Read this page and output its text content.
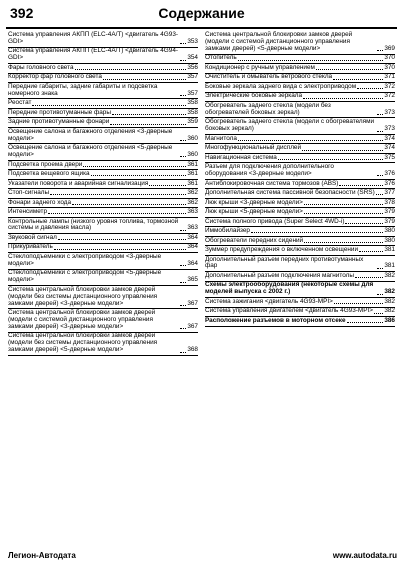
392	Содержание
Система управления АКПП (ELC-4A/T) <двигатель 4G93-GDI>	353
Система управления АКПП (ELC-4A/T) <двигатель 4G94-GDI>	354
Фары головного света	356
Корректор фар головного света	357
Передние габариты, задние габариты и подсветка номерного знака	357
Реостат	358
Передние противотуманные фары	358
Задние противотуманные фонари	359
Освещение салона и багажного отделения <3-дверные модели>	360
Освещение салона и багажного отделения <5-дверные модели>	360
Подсветка проема двери	361
Подсветка вещевого ящика	361
Указатели поворота и аварийная сигнализация	361
Стоп-сигналы	362
Фонари заднего хода	362
Интенсиметр	363
Контрольные лампы (низкого уровня топлива, тормозной системы и давления масла)	363
Звуковой сигнал	364
Прикуриватель	364
Стеклоподъемники с электроприводом <3-дверные модели>	364
Стеклоподъемники с электроприводом <5-дверные модели>	365
Система центральной блокировки замков дверей (модели без системы дистанционного управления замками дверей) <3-дверные модели>	367
Система центральной блокировки замков дверей (модели с системой дистанционного управления замками дверей) <3-дверные модели>	367
Система центральной блокировки замков дверей (модели без системы дистанционного управления замками дверей) <5-дверные модели>	368
Система центральной блокировки замков дверей (модели с системой дистанционного управления замками дверей) <5-дверные модели>	369
Отопитель	370
Кондиционер с ручным управлением	370
Очиститель и омыватель ветрового стекла	371
Боковые зеркала заднего вида с электроприводом	372
Электрические боковые зеркала	372
Обогреватель заднего стекла (модели без обогревателей боковых зеркал)	373
Обогреватель заднего стекла (модели с обогревателями боковых зеркал)	373
Магнитола	374
Многофункциональный дисплей	374
Навигационная система	375
Разъем для подключения дополнительного оборудования <3-дверные модели>	376
Антиблокировочная система тормозов (ABS)	376
Дополнительная система пассивной безопасности (SRS) 377
Люк крыши <3-дверные модели>	378
Люк крыши <5-дверные модели>	379
Система полного привода (Super Select 4WD-i)	379
Иммобилайзер	380
Обогреватели передних сидений	380
Зуммер предупреждения о включенном освещении	381
Дополнительный разъем передних противотуманных фар	381
Дополнительный разъем подключения магнитолы	382
Схемы электрооборудования (некоторые схемы для моделей выпуска с 2002 г.)	382
Система зажигания <двигатель 4G93-MPI>	382
Система управления двигателем <двигатель 4G93-MPI> 382
Расположение разъемов в моторном отсеке	386
Легион-Автодата	www.autodata.ru
